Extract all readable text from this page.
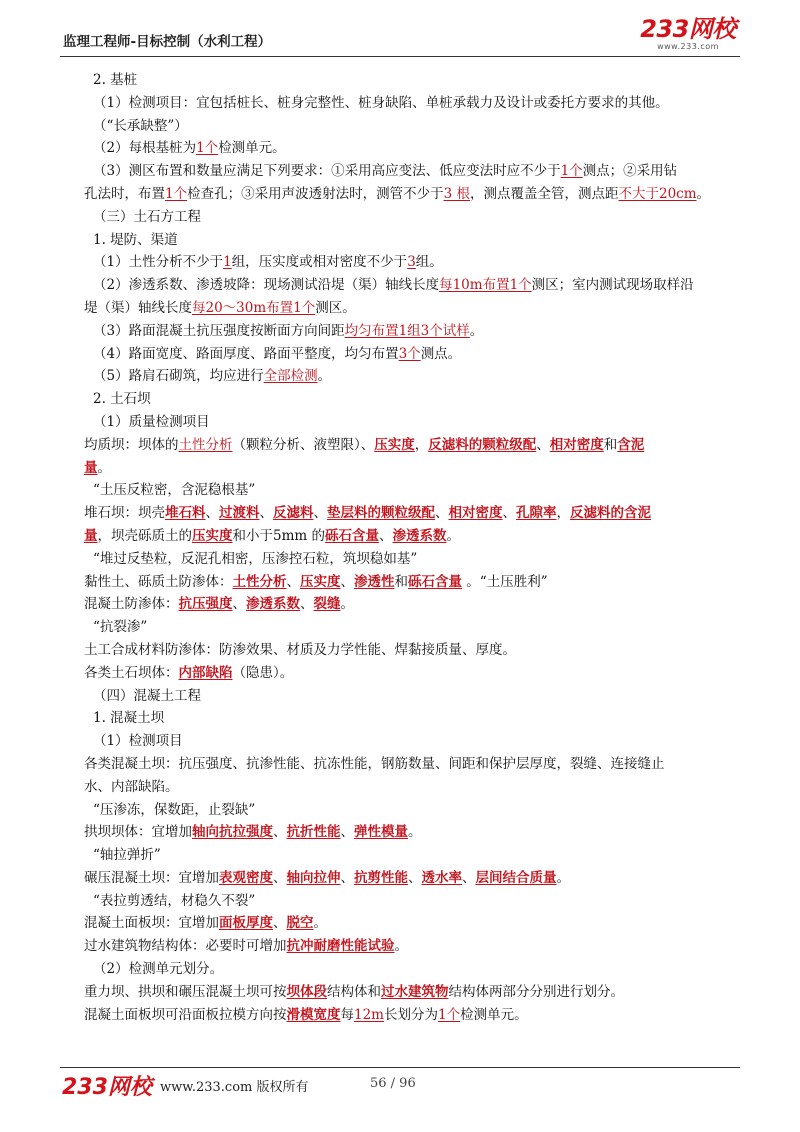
监理工程师-目标控制（水利工程）	233网校
www.233.com
2. 基桩
（1）检测项目：宜包括桩长、桩身完整性、桩身缺陷、单桩承载力及设计或委托方要求的其他。
（“长承缺整”）
（2）每根基桩为1个检测单元。
（3）测区布置和数量应满足下列要求：①采用高应变法、低应变法时应不少于1个测点；②采用钻
孔法时，布置1个检查孔；③采用声波透射法时，测管不少于3 根，测点覆盖全管，测点距不大于20cm。
（三）土石方工程
1. 堤防、渠道
（1）土性分析不少于1组，压实度或相对密度不少于3组。
（2）渗透系数、渗透坡降：现场测试沿堤（渠）轴线长度每10m布置1个测区；室内测试现场取样沿
堤（渠）轴线长度每20～30m布置1个测区。
（3）路面混凝土抗压强度按断面方向间距均匀布置1组3个试样。
（4）路面宽度、路面厚度、路面平整度，均匀布置3个测点。
（5）路肩石砌筑，均应进行全部检测。
2. 土石坝
（1）质量检测项目
均质坝：坝体的土性分析（颗粒分析、液塑限）、压实度，反滤料的颗粒级配、相对密度和含泥
量。
“土压反粒密，含泥稳根基”
堆石坝：坝壳堆石料、过渡料、反滤料、垫层料的颗粒级配、相对密度、孔隙率，反滤料的含泥
量，坝壳砾质土的压实度和小于5mm 的砾石含量、渗透系数。
“堆过反垫粒，反泥孔相密，压渗控石粒，筑坝稳如基”
黏性土、砾质土防渗体：土性分析、压实度、渗透性和砾石含量 。“土压胜利”
混凝土防渗体：抗压强度、渗透系数、裂缝。
“抗裂渗”
土工合成材料防渗体：防渗效果、材质及力学性能、焊黏接质量、厚度。
各类土石坝体：内部缺陷（隐患）。
（四）混凝土工程
1. 混凝土坝
（1）检测项目
各类混凝土坝：抗压强度、抗渗性能、抗冻性能，钢筋数量、间距和保护层厚度，裂缝、连接缝止
水、内部缺陷。
“压渗冻，保数距，止裂缺”
拱坝坝体：宜增加轴向抗拉强度、抗折性能、弹性模量。
“轴拉弹折”
碾压混凝土坝：宜增加表观密度、轴向拉伸、抗剪性能、透水率、层间结合质量。
“表拉剪透结，材稳久不裂”
混凝土面板坝：宜增加面板厚度、脱空。
过水建筑物结构体：必要时可增加抗冲耐磨性能试验。
（2）检测单元划分。
重力坝、拱坝和碾压混凝土坝可按坝体段结构体和过水建筑物结构体两部分分别进行划分。
混凝土面板坝可沿面板拉模方向按滑模宽度每12m长划分为1个检测单元。
233网校 www.233.com 版权所有	56 / 96
